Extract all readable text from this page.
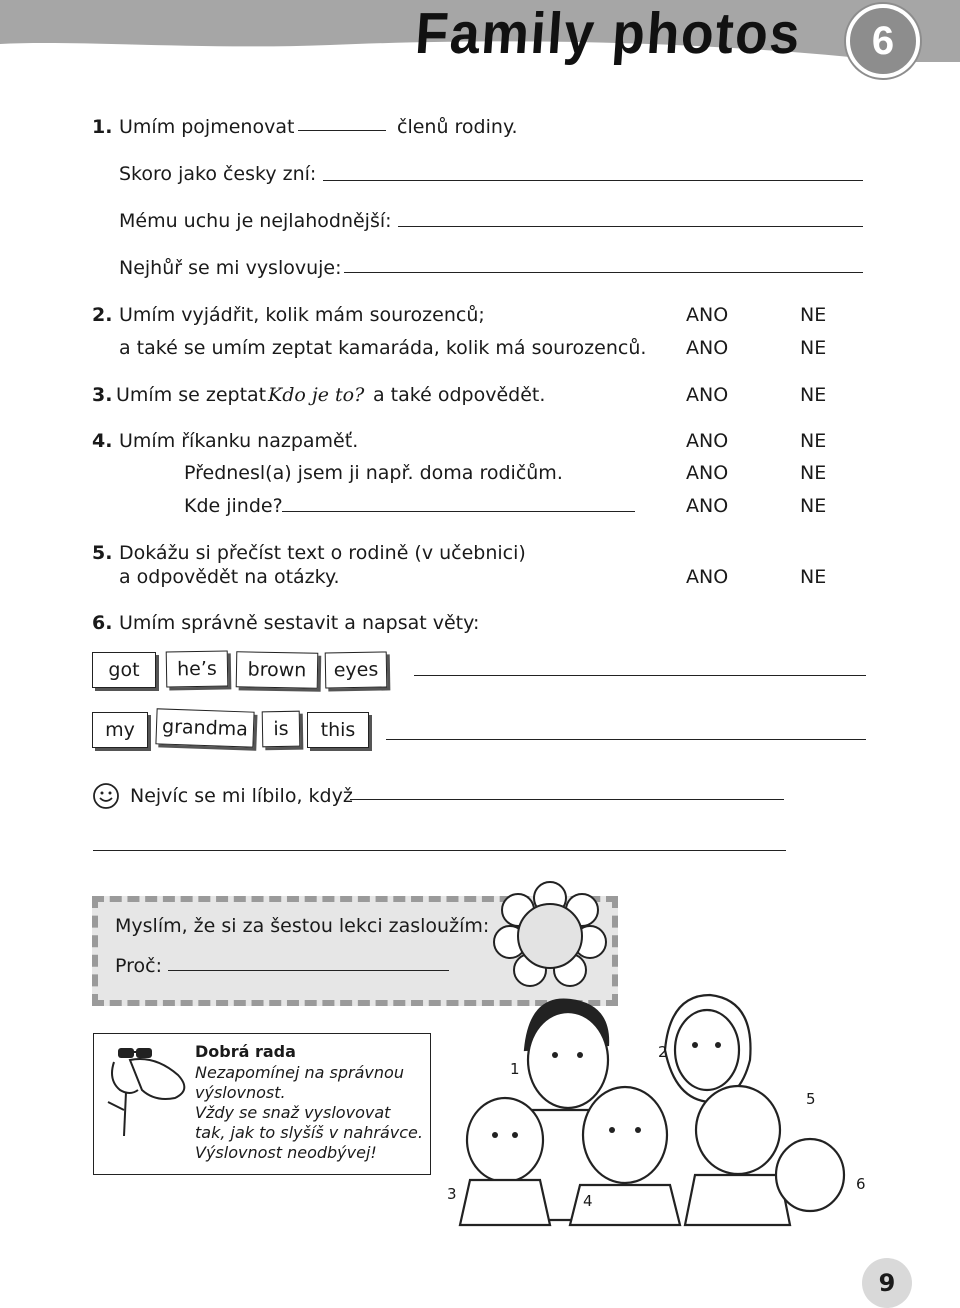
Family photos	6
1. Umím pojmenovat	členů rodiny.
Skoro jako česky zní:
Mému uchu je nejlahodnější:
Nejhůř se mi vyslovuje:
2. Umím vyjádřit, kolik mám sourozenců;	ANO	NE
a také se umím zeptat kamaráda, kolik má sourozenců. ANO	NE
3. Umím se zeptat Kdo je to? a také odpovědět.	ANO	NE
4. Umím říkanku nazpaměť.	ANO	NE
Přednesl(a) jsem ji např. doma rodičům.	ANO	NE
Kde jinde?	ANO	NE
5. Dokážu si přečíst text o rodině (v učebnici)
a odpovědět na otázky.	ANO	NE
6. Umím správně sestavit a napsat věty:
got	he’s	brown	eyes
my	grandma	is	this
Nejvíc se mi líbilo, když
Myslím, že si za šestou lekci zasloužím:
Proč:
Dobrá rada
Nezapomínej na správnou
výslovnost.
Vždy se snaž vyslovovat
tak, jak to slyšíš v nahrávce.
Výslovnost neodbývej!
1
2
3	4
5
6
9
